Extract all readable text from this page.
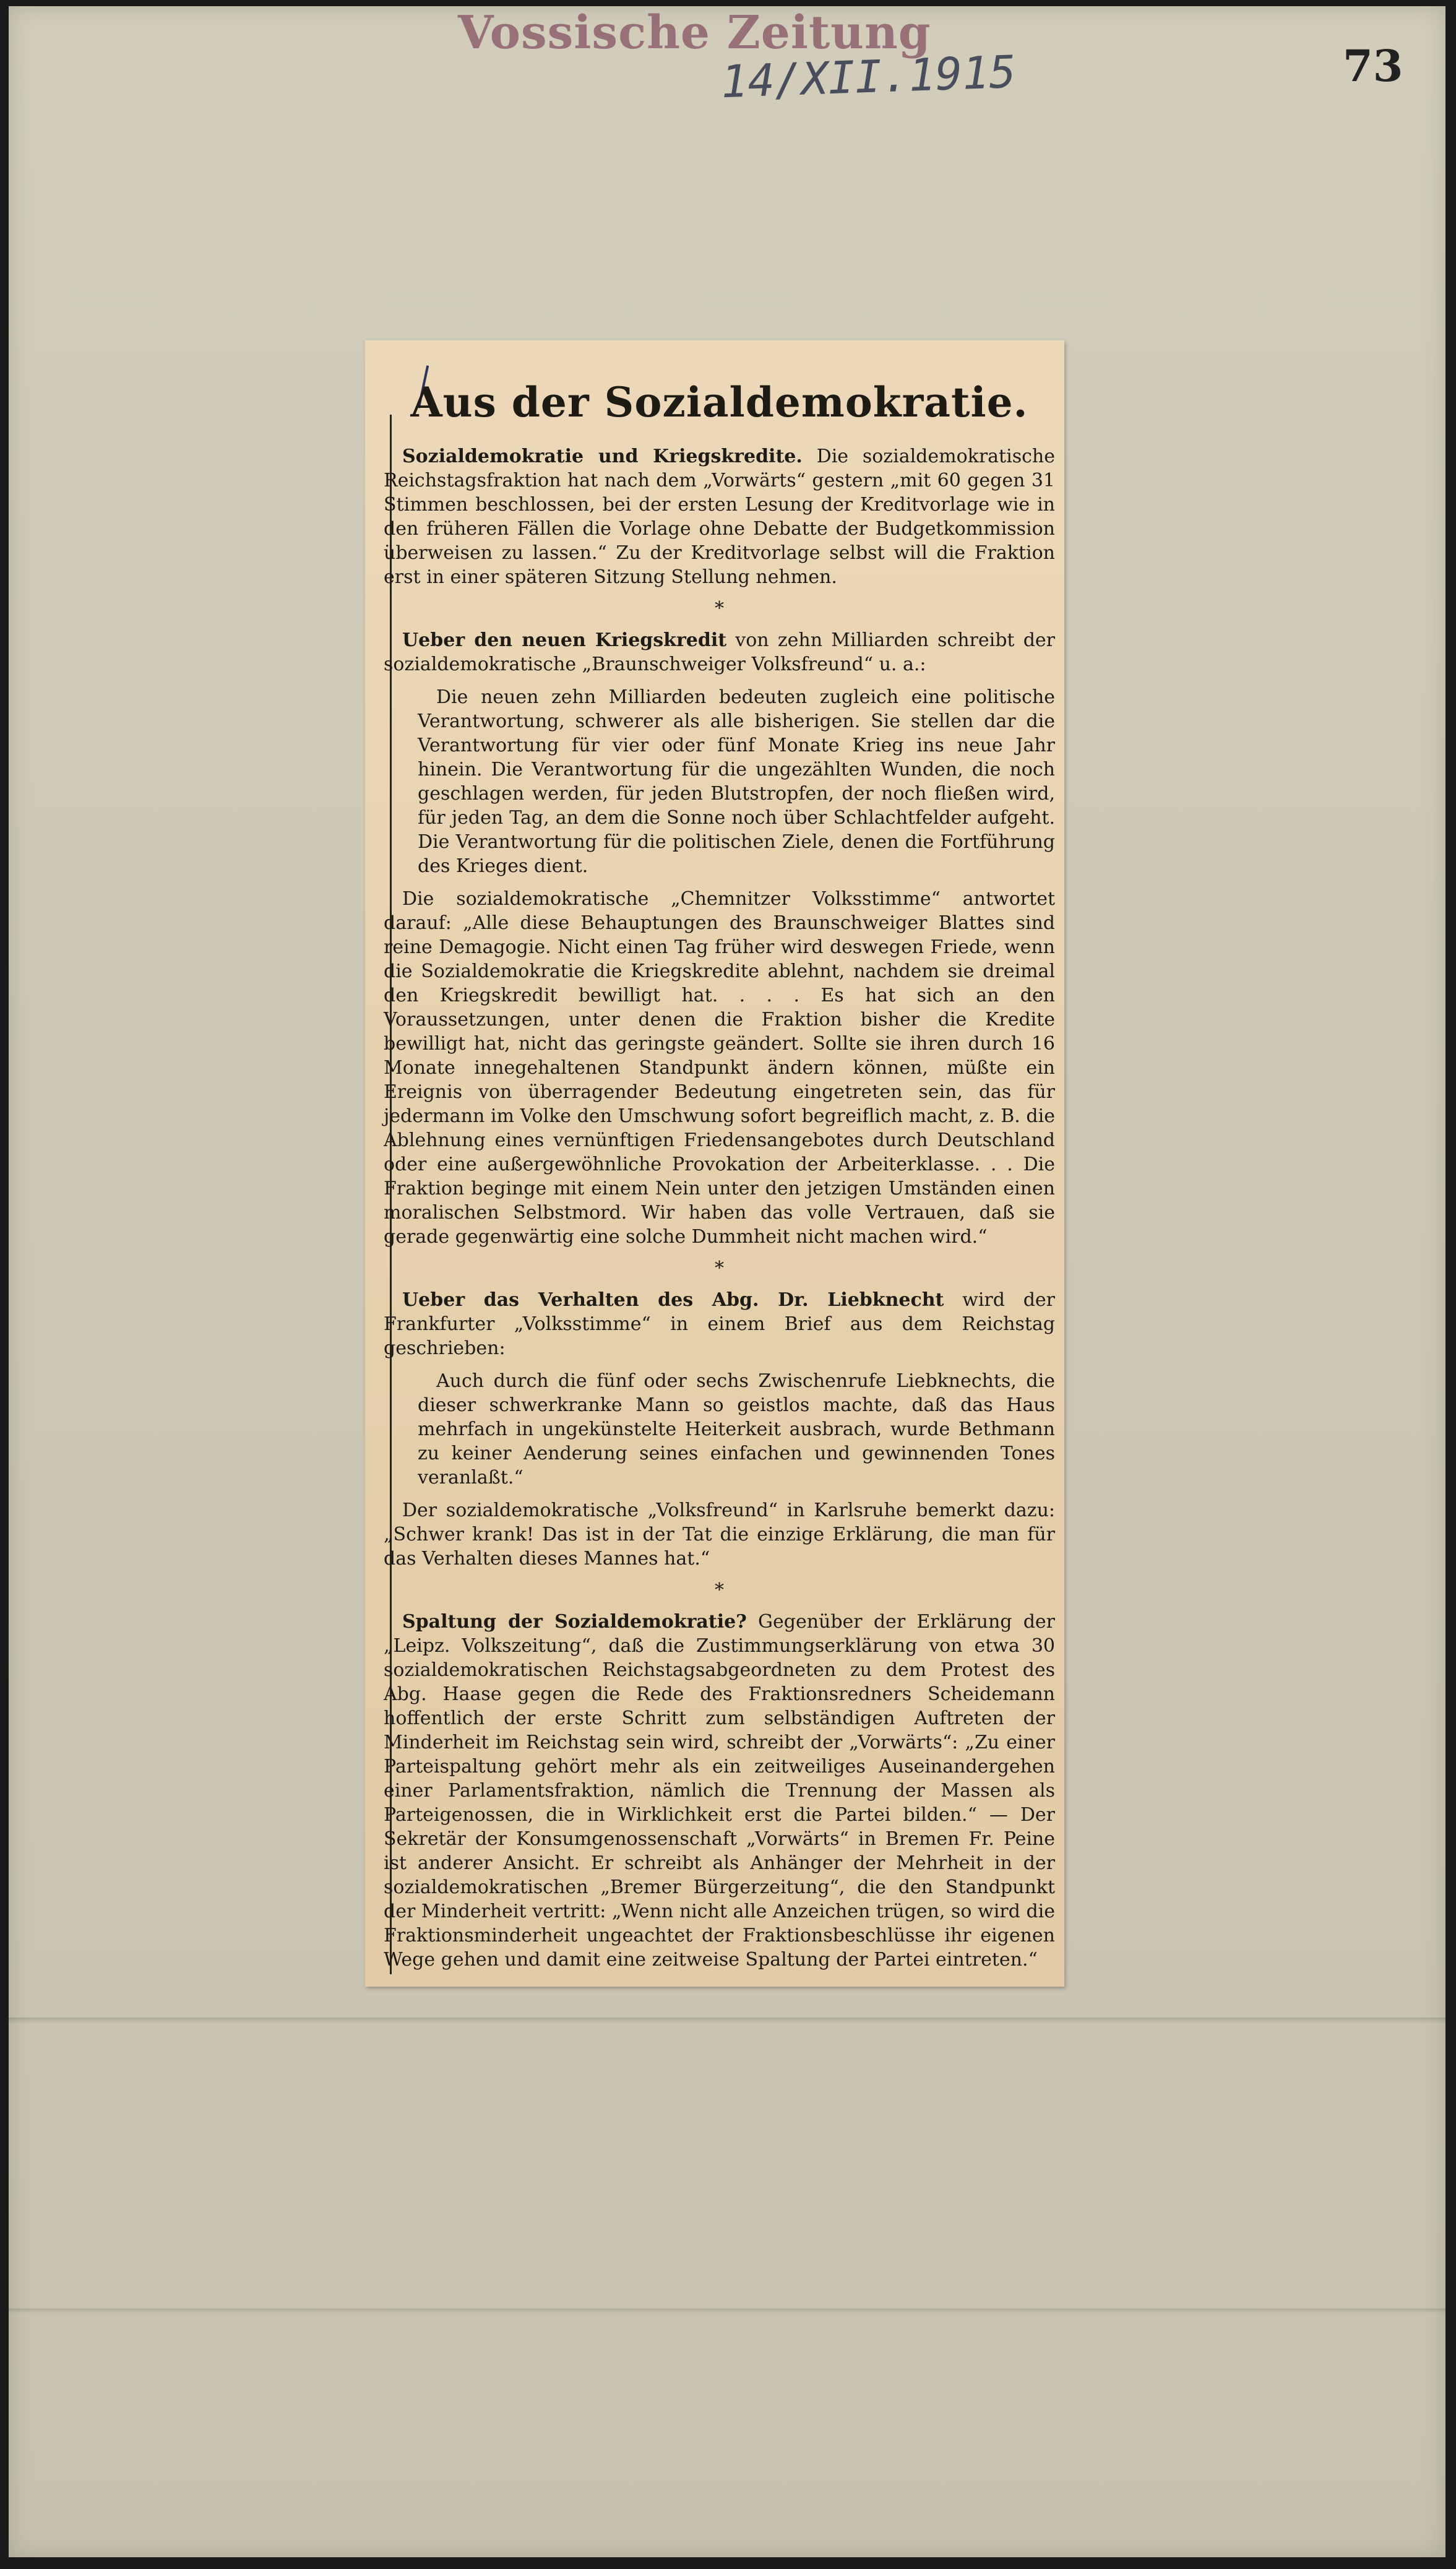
Vossische Zeitung
14/XII.1915	73
Aus der Sozialdemokratie.
Sozialdemokratie und Kriegskredite. Die sozialdemokratische Reichstagsfraktion hat nach dem „Vorwärts“ gestern „mit 60 gegen 31 Stimmen beschlossen, bei der ersten Lesung der Kreditvorlage wie in den früheren Fällen die Vorlage ohne Debatte der Budgetkommission überweisen zu lassen.“ Zu der Kreditvorlage selbst will die Fraktion erst in einer späteren Sitzung Stellung nehmen.
*
Ueber den neuen Kriegskredit von zehn Milliarden schreibt der sozialdemokratische „Braunschweiger Volksfreund“ u. a.:
Die neuen zehn Milliarden bedeuten zugleich eine politische Verantwortung, schwerer als alle bisherigen. Sie stellen dar die Verantwortung für vier oder fünf Monate Krieg ins neue Jahr hinein. Die Verantwortung für die ungezählten Wunden, die noch geschlagen werden, für jeden Blutstropfen, der noch fließen wird, für jeden Tag, an dem die Sonne noch über Schlachtfelder aufgeht. Die Verantwortung für die politischen Ziele, denen die Fortführung des Krieges dient.
Die sozialdemokratische „Chemnitzer Volksstimme“ antwortet darauf: „Alle diese Behauptungen des Braunschweiger Blattes sind reine Demagogie. Nicht einen Tag früher wird deswegen Friede, wenn die Sozialdemokratie die Kriegskredite ablehnt, nachdem sie dreimal den Kriegskredit bewilligt hat. . . . Es hat sich an den Voraussetzungen, unter denen die Fraktion bisher die Kredite bewilligt hat, nicht das geringste geändert. Sollte sie ihren durch 16 Monate innegehaltenen Standpunkt ändern können, müßte ein Ereignis von überragender Bedeutung eingetreten sein, das für jedermann im Volke den Umschwung sofort begreiflich macht, z. B. die Ablehnung eines vernünftigen Friedensangebotes durch Deutschland oder eine außergewöhnliche Provokation der Arbeiterklasse. . . Die Fraktion beginge mit einem Nein unter den jetzigen Umständen einen moralischen Selbstmord. Wir haben das volle Vertrauen, daß sie gerade gegenwärtig eine solche Dummheit nicht machen wird.“
*
Ueber das Verhalten des Abg. Dr. Liebknecht wird der Frankfurter „Volksstimme“ in einem Brief aus dem Reichstag geschrieben:
Auch durch die fünf oder sechs Zwischenrufe Liebknechts, die dieser schwerkranke Mann so geistlos machte, daß das Haus mehrfach in ungekünstelte Heiterkeit ausbrach, wurde Bethmann zu keiner Aenderung seines einfachen und gewinnenden Tones veranlaßt.“
Der sozialdemokratische „Volksfreund“ in Karlsruhe bemerkt dazu: „Schwer krank! Das ist in der Tat die einzige Erklärung, die man für das Verhalten dieses Mannes hat.“
*
Spaltung der Sozialdemokratie? Gegenüber der Erklärung der „Leipz. Volkszeitung“, daß die Zustimmungserklärung von etwa 30 sozialdemokratischen Reichstagsabgeordneten zu dem Protest des Abg. Haase gegen die Rede des Fraktionsredners Scheidemann hoffentlich der erste Schritt zum selbständigen Auftreten der Minderheit im Reichstag sein wird, schreibt der „Vorwärts“: „Zu einer Parteispaltung gehört mehr als ein zeitweiliges Auseinandergehen einer Parlamentsfraktion, nämlich die Trennung der Massen als Parteigenossen, die in Wirklichkeit erst die Partei bilden.“ — Der Sekretär der Konsumgenossenschaft „Vorwärts“ in Bremen Fr. Peine ist anderer Ansicht. Er schreibt als Anhänger der Mehrheit in der sozialdemokratischen „Bremer Bürgerzeitung“, die den Standpunkt der Minderheit vertritt: „Wenn nicht alle Anzeichen trügen, so wird die Fraktionsminderheit ungeachtet der Fraktionsbeschlüsse ihr eigenen Wege gehen und damit eine zeitweise Spaltung der Partei eintreten.“
